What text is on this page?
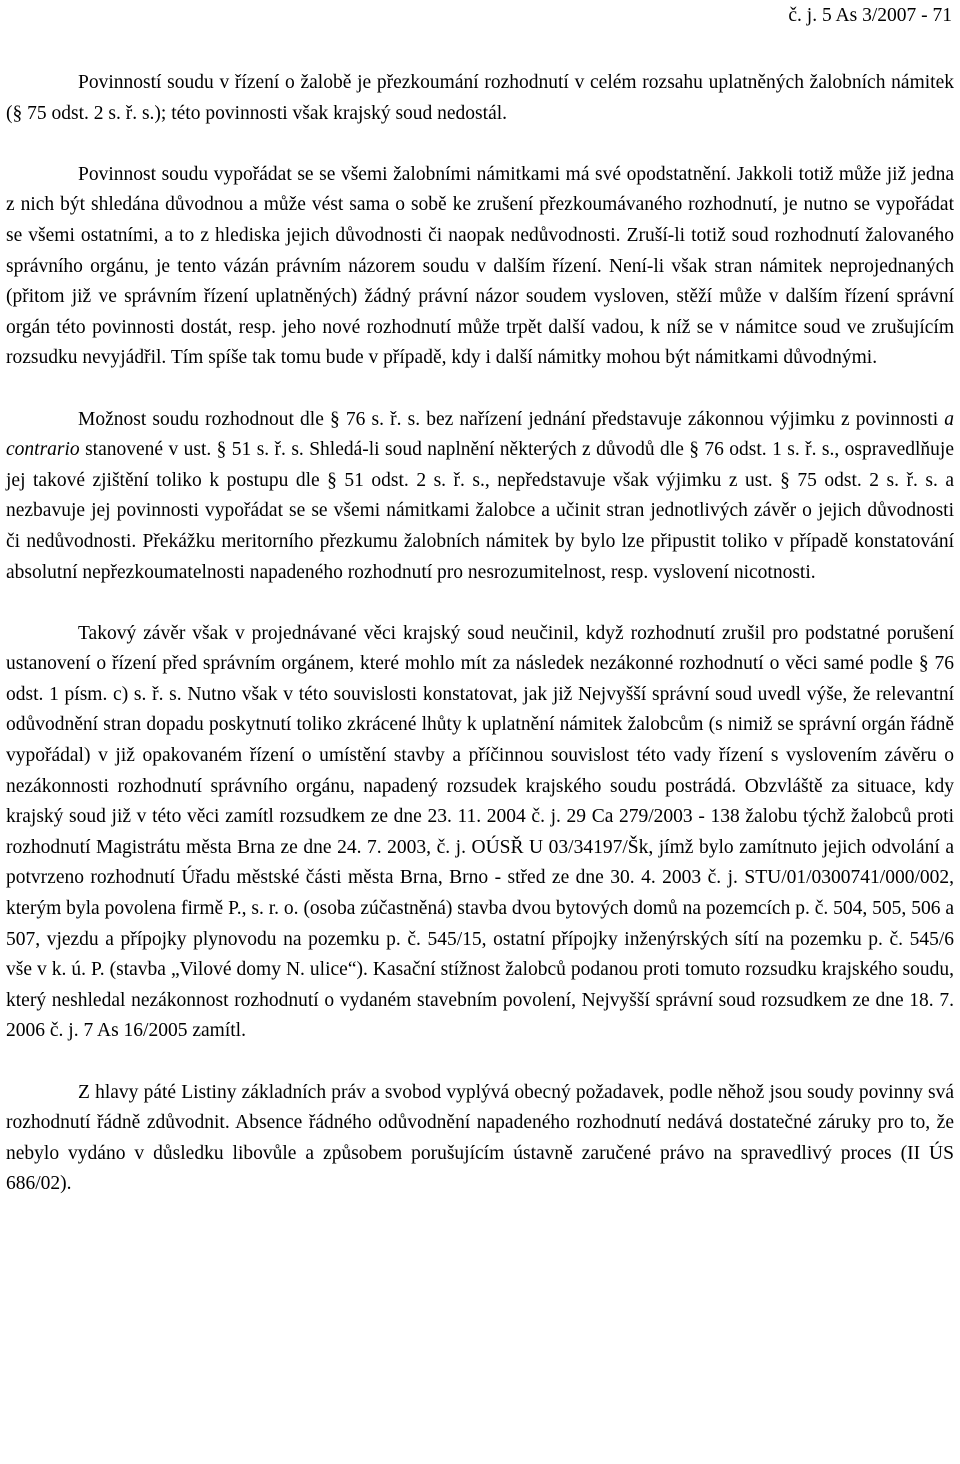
č. j. 5 As 3/2007 - 71

Povinností soudu v řízení o žalobě je přezkoumání rozhodnutí v celém rozsahu uplatněných žalobních námitek (§ 75 odst. 2 s. ř. s.); této povinnosti však krajský soud nedostál.

Povinnost soudu vypořádat se se všemi žalobními námitkami má své opodstatnění. Jakkoli totiž může již jedna z nich být shledána důvodnou a může vést sama o sobě ke zrušení přezkoumávaného rozhodnutí, je nutno se vypořádat se všemi ostatními, a to z hlediska jejich důvodnosti či naopak nedůvodnosti. Zruší-li totiž soud rozhodnutí žalovaného správního orgánu, je tento vázán právním názorem soudu v dalším řízení. Není-li však stran námitek neprojednaných (přitom již ve správním řízení uplatněných) žádný právní názor soudem vysloven, stěží může v dalším řízení správní orgán této povinnosti dostát, resp. jeho nové rozhodnutí může trpět další vadou, k níž se v námitce soud ve zrušujícím rozsudku nevyjádřil. Tím spíše tak tomu bude v případě, kdy i další námitky mohou být námitkami důvodnými.

Možnost soudu rozhodnout dle § 76 s. ř. s. bez nařízení jednání představuje zákonnou výjimku z povinnosti a contrario stanovené v ust. § 51 s. ř. s. Shledá-li soud naplnění některých z důvodů dle § 76 odst. 1 s. ř. s., ospravedlňuje jej takové zjištění toliko k postupu dle § 51 odst. 2 s. ř. s., nepředstavuje však výjimku z ust. § 75 odst. 2 s. ř. s. a nezbavuje jej povinnosti vypořádat se se všemi námitkami žalobce a učinit stran jednotlivých závěr o jejich důvodnosti či nedůvodnosti. Překážku meritorního přezkumu žalobních námitek by bylo lze připustit toliko v případě konstatování absolutní nepřezkoumatelnosti napadeného rozhodnutí pro nesrozumitelnost, resp. vyslovení nicotnosti.

Takový závěr však v projednávané věci krajský soud neučinil, když rozhodnutí zrušil pro podstatné porušení ustanovení o řízení před správním orgánem, které mohlo mít za následek nezákonné rozhodnutí o věci samé podle § 76 odst. 1 písm. c) s. ř. s. Nutno však v této souvislosti konstatovat, jak již Nejvyšší správní soud uvedl výše, že relevantní odůvodnění stran dopadu poskytnutí toliko zkrácené lhůty k uplatnění námitek žalobcům (s nimiž se správní orgán řádně vypořádal) v již opakovaném řízení o umístění stavby a příčinnou souvislost této vady řízení s vyslovením závěru o nezákonnosti rozhodnutí správního orgánu, napadený rozsudek krajského soudu postrádá. Obzvláště za situace, kdy krajský soud již v této věci zamítl rozsudkem ze dne 23. 11. 2004 č. j. 29 Ca 279/2003 - 138 žalobu týchž žalobců proti rozhodnutí Magistrátu města Brna ze dne 24. 7. 2003, č. j. OÚSŘ U 03/34197/Šk, jímž bylo zamítnuto jejich odvolání a potvrzeno rozhodnutí Úřadu městské části města Brna, Brno - střed ze dne 30. 4. 2003 č. j. STU/01/0300741/000/002, kterým byla povolena firmě P., s. r. o. (osoba zúčastněná) stavba dvou bytových domů na pozemcích p. č. 504, 505, 506 a 507, vjezdu a přípojky plynovodu na pozemku p. č. 545/15, ostatní přípojky inženýrských sítí na pozemku p. č. 545/6 vše v k. ú. P. (stavba „Vilové domy N. ulice“). Kasační stížnost žalobců podanou proti tomuto rozsudku krajského soudu, který neshledal nezákonnost rozhodnutí o vydaném stavebním povolení, Nejvyšší správní soud rozsudkem ze dne 18. 7. 2006 č. j. 7 As 16/2005 zamítl.

Z hlavy páté Listiny základních práv a svobod vyplývá obecný požadavek, podle něhož jsou soudy povinny svá rozhodnutí řádně zdůvodnit. Absence řádného odůvodnění napadeného rozhodnutí nedává dostatečné záruky pro to, že nebylo vydáno v důsledku libovůle a způsobem porušujícím ústavně zaručené právo na spravedlivý proces (II ÚS 686/02).
